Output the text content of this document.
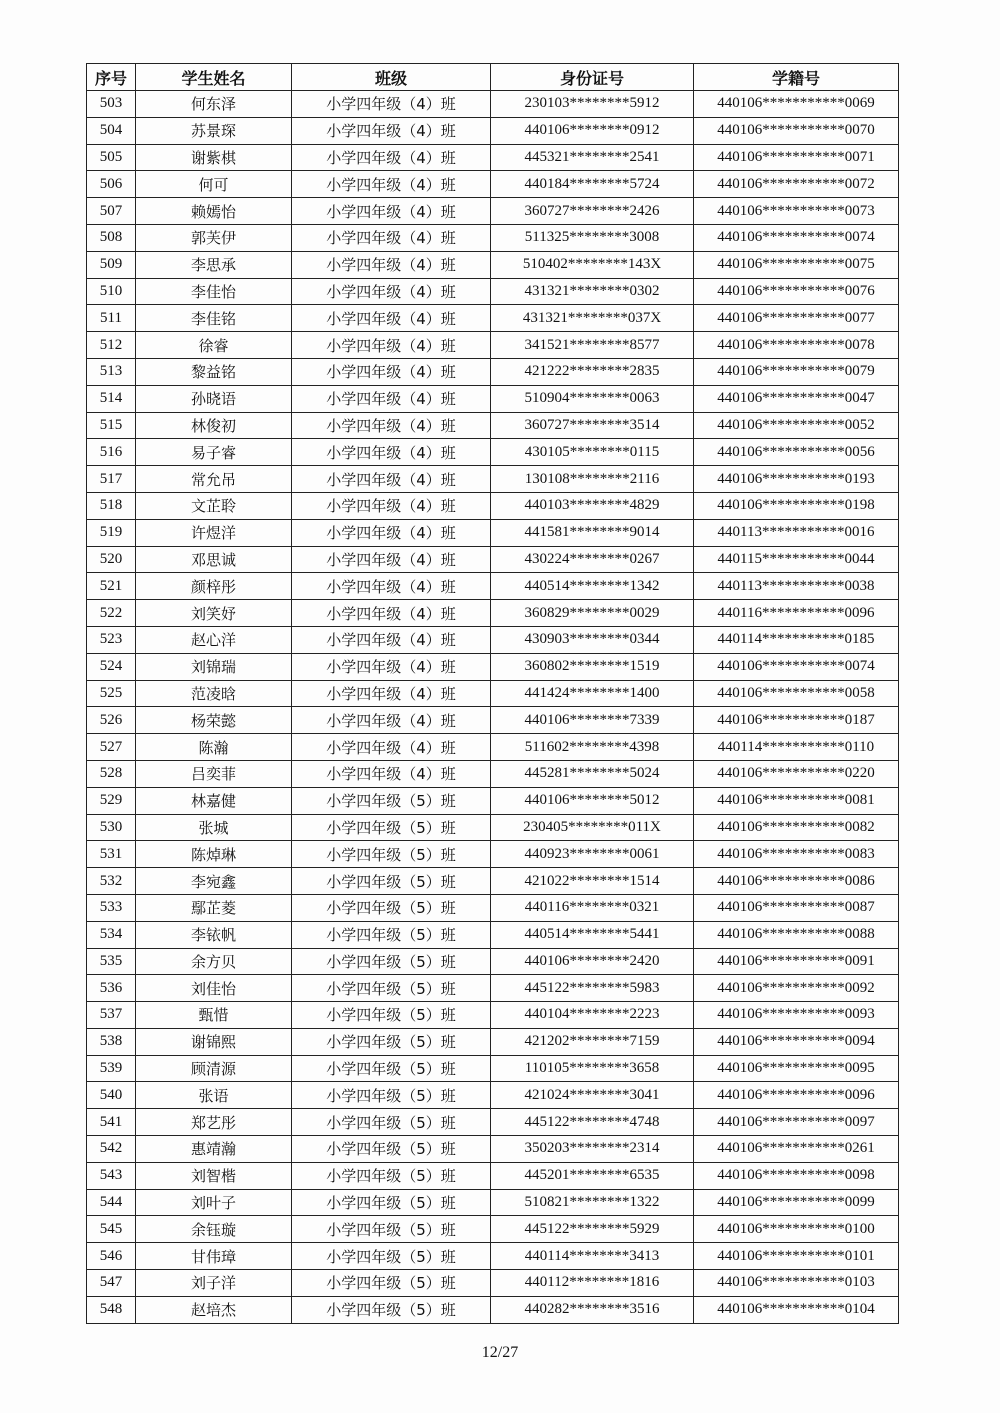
序号	学生姓名	班级	身份证号	学籍号
503	何东泽	小学四年级（4）班	230103********5912	440106***********0069
504	苏景琛	小学四年级（4）班	440106********0912	440106***********0070
505	谢紫棋	小学四年级（4）班	445321********2541	440106***********0071
506	何可	小学四年级（4）班	440184********5724	440106***********0072
507	赖嫣怡	小学四年级（4）班	360727********2426	440106***********0073
508	郭芙伊	小学四年级（4）班	511325********3008	440106***********0074
509	李思承	小学四年级（4）班	510402********143X	440106***********0075
510	李佳怡	小学四年级（4）班	431321********0302	440106***********0076
511	李佳铭	小学四年级（4）班	431321********037X	440106***********0077
512	徐睿	小学四年级（4）班	341521********8577	440106***********0078
513	黎益铭	小学四年级（4）班	421222********2835	440106***********0079
514	孙晓语	小学四年级（4）班	510904********0063	440106***********0047
515	林俊初	小学四年级（4）班	360727********3514	440106***********0052
516	易子睿	小学四年级（4）班	430105********0115	440106***********0056
517	常允吊	小学四年级（4）班	130108********2116	440106***********0193
518	文芷聆	小学四年级（4）班	440103********4829	440106***********0198
519	许煜洋	小学四年级（4）班	441581********9014	440113***********0016
520	邓思诚	小学四年级（4）班	430224********0267	440115***********0044
521	颜梓彤	小学四年级（4）班	440514********1342	440113***********0038
522	刘笑妤	小学四年级（4）班	360829********0029	440116***********0096
523	赵心洋	小学四年级（4）班	430903********0344	440114***********0185
524	刘锦瑞	小学四年级（4）班	360802********1519	440106***********0074
525	范凌晗	小学四年级（4）班	441424********1400	440106***********0058
526	杨荣懿	小学四年级（4）班	440106********7339	440106***********0187
527	陈瀚	小学四年级（4）班	511602********4398	440114***********0110
528	吕奕菲	小学四年级（4）班	445281********5024	440106***********0220
529	林嘉健	小学四年级（5）班	440106********5012	440106***********0081
530	张城	小学四年级（5）班	230405********011X	440106***********0082
531	陈焯琳	小学四年级（5）班	440923********0061	440106***********0083
532	李宛鑫	小学四年级（5）班	421022********1514	440106***********0086
533	鄢芷菱	小学四年级（5）班	440116********0321	440106***********0087
534	李铱帆	小学四年级（5）班	440514********5441	440106***********0088
535	余方贝	小学四年级（5）班	440106********2420	440106***********0091
536	刘佳怡	小学四年级（5）班	445122********5983	440106***********0092
537	甄惜	小学四年级（5）班	440104********2223	440106***********0093
538	谢锦熙	小学四年级（5）班	421202********7159	440106***********0094
539	顾清源	小学四年级（5）班	110105********3658	440106***********0095
540	张语	小学四年级（5）班	421024********3041	440106***********0096
541	郑艺彤	小学四年级（5）班	445122********4748	440106***********0097
542	惠靖瀚	小学四年级（5）班	350203********2314	440106***********0261
543	刘智楷	小学四年级（5）班	445201********6535	440106***********0098
544	刘叶子	小学四年级（5）班	510821********1322	440106***********0099
545	余钰璇	小学四年级（5）班	445122********5929	440106***********0100
546	甘伟璋	小学四年级（5）班	440114********3413	440106***********0101
547	刘子洋	小学四年级（5）班	440112********1816	440106***********0103
548	赵培杰	小学四年级（5）班	440282********3516	440106***********0104
12/27
